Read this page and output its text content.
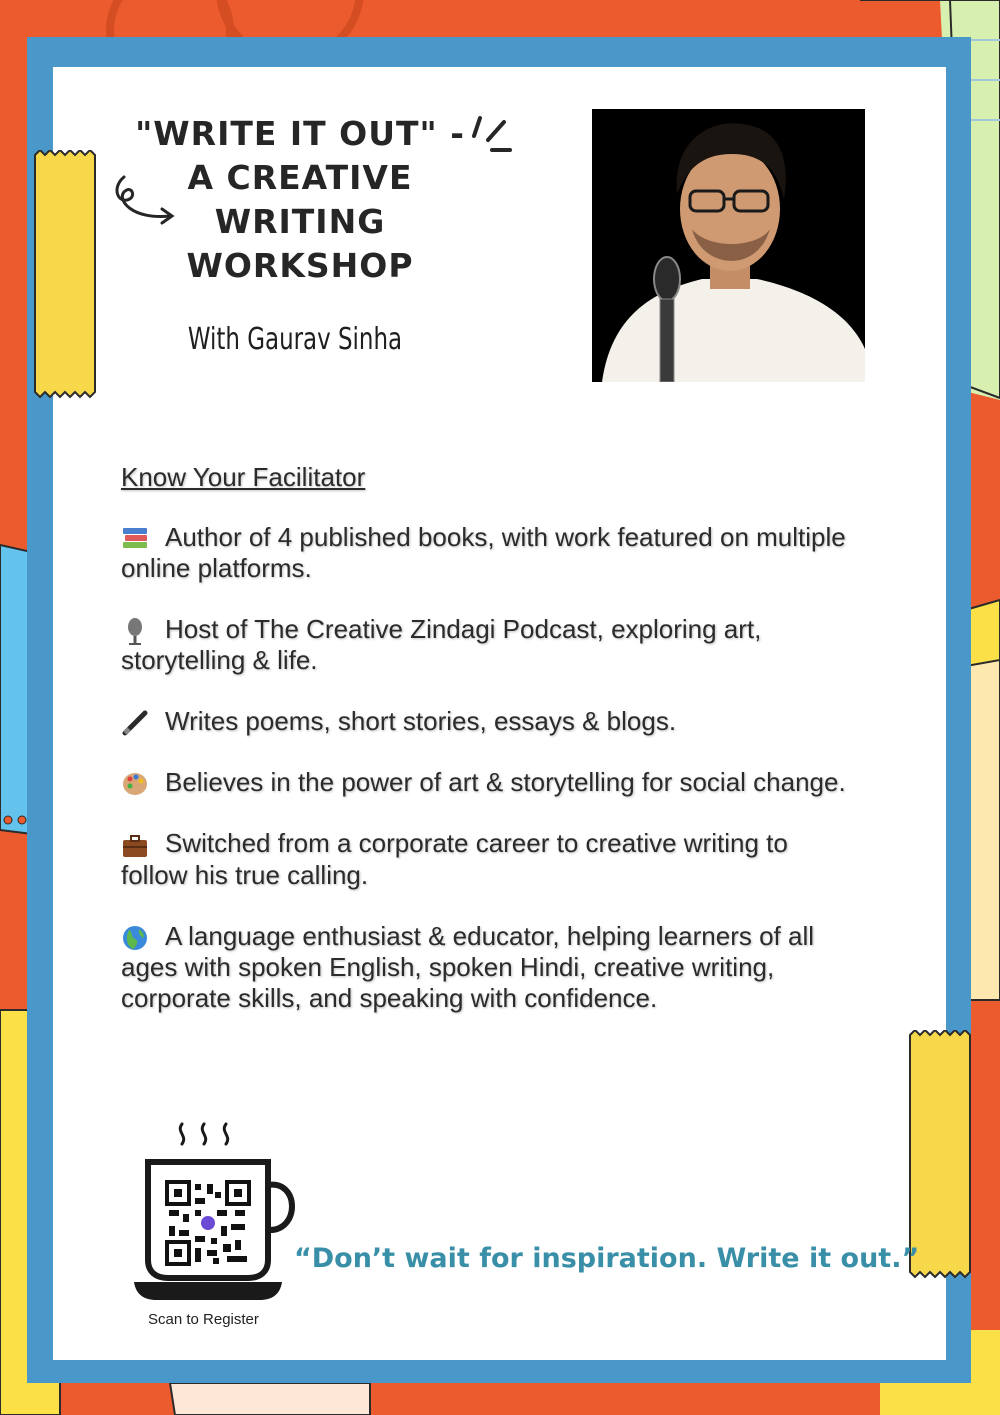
"WRITE IT OUT" -
A CREATIVE
WRITING
WORKSHOP
With Gaurav Sinha
Know Your Facilitator
Author of 4 published books, with work featured on multiple online platforms.
Host of The Creative Zindagi Podcast, exploring art, storytelling & life.
Writes poems, short stories, essays & blogs.
Believes in the power of art & storytelling for social change.
Switched from a corporate career to creative writing to follow his true calling.
A language enthusiast & educator, helping learners of all ages with spoken English, spoken Hindi, creative writing, corporate skills, and speaking with confidence.
Scan to Register
“Don’t wait for inspiration. Write it out.”
